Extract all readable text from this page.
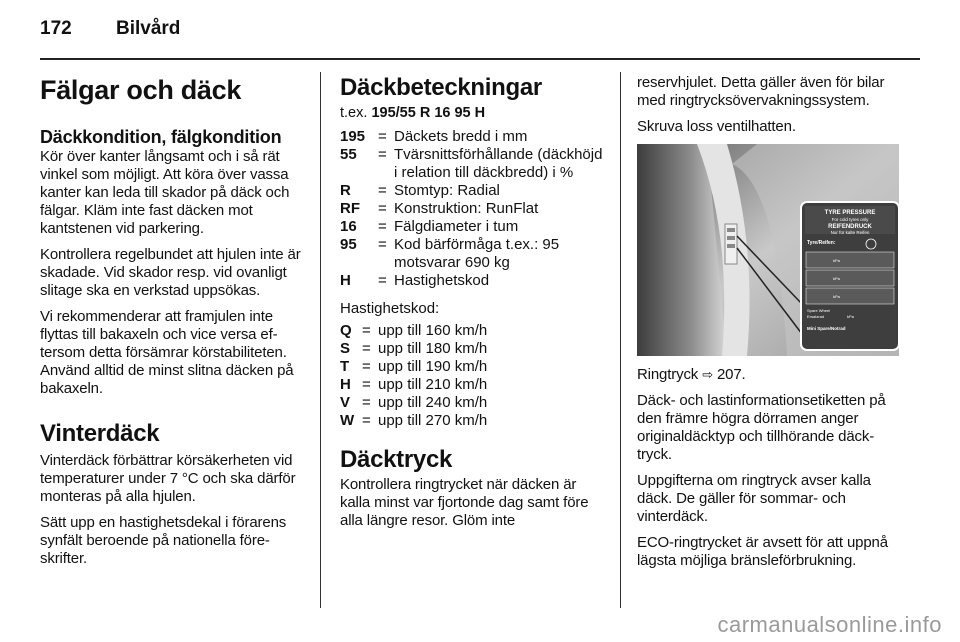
172 Bilvård
Fälgar och däck
Däckkondition, fälgkondition

Kör över kanter långsamt och i så rät vinkel som möjligt. Att köra över vassa kanter kan leda till skador på däck och fälgar. Kläm inte fast däcken mot kantstenen vid parkering.

Kontrollera regelbundet att hjulen inte är skadade. Vid skador resp. vid ovanligt slitage ska en verkstad uppsökas.

Vi rekommenderar att framjulen inte flyttas till bakaxeln och vice versa eftersom detta försämrar körstabiliteten. Använd alltid de minst slitna däcken på bakaxeln.

Vinterdäck

Vinterdäck förbättrar körsäkerheten vid temperaturer under 7 °C och ska därför monteras på alla hjulen.

Sätt upp en hastighetsdekal i förarens synfält beroende på nationella föreskrifter.

Däckbeteckningar
t.ex. 195/55 R 16 95 H
195 = Däckets bredd i mm
55	= Tvärsnittsförhållande (däckhöjd i relation till däckbredd) i %
R	= Stomtyp: Radial
RF	= Konstruktion: RunFlat
16	= Fälgdiameter i tum
95	= Kod bärförmåga t.ex.: 95 motsvarar 690 kg
H	= Hastighetskod
Hastighetskod:
Q = upp till 160 km/h
S = upp till 180 km/h
T = upp till 190 km/h
H = upp till 210 km/h
V = upp till 240 km/h
W = upp till 270 km/h
Däcktryck

Kontrollera ringtrycket när däcken är kalla minst var fjortonde dag samt före alla längre resor. Glöm inte

reservhjulet. Detta gäller även för bilar med ringtrycksövervakningssystem.

Skruva loss ventilhatten.

TYRE PRESSURE
For cold tyres only
REIFENDRUCK
Nur für kalte Reifen
Tyre/Reifen:
kPa
kPa
kPa
Spare Wheel
Ersatzrad	kPa
Mini Spare/Notrad

Ringtryck ⇨ 207.

Däck- och lastinformationsetiketten på den främre högra dörramen anger originaldäcktyp och tillhörande däcktryck.

Uppgifterna om ringtryck avser kalla däck. De gäller för sommar- och vinterdäck.

ECO-ringtrycket är avsett för att uppnå lägsta möjliga bränsleförbrukning.

carmanualsonline.info
